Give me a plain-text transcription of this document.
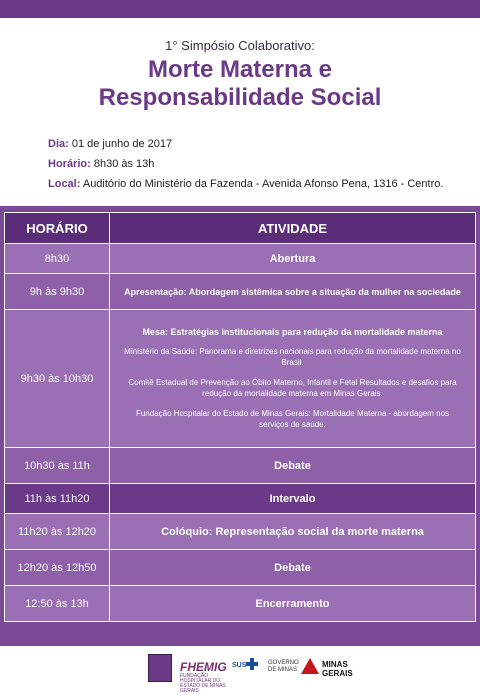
1° Simpósio Colaborativo:
Morte Materna e
Responsabilidade Social
Dia: 01 de junho de 2017
Horário: 8h30 às 13h
Local: Auditório do Ministério da Fazenda - Avenida Afonso Pena, 1316 - Centro.
HORÁRIO	ATIVIDADE
8h30	Abertura
9h às 9h30	Apresentação: Abordagem sistêmica sobre a situação da mulher na sociedade
9h30 às 10h30	Mesa: Estratégias institucionais para redução da mortalidade materna
Ministério da Saúde: Panorama e diretrizes nacionais para redução da mortalidade materna no Brasil.
Comitê Estadual de Prevenção ao Óbito Materno, Infantil e Fetal Resultados e desafios para redução da mortalidade materna em Minas Gerais.
Fundação Hospitalar do Estado de Minas Gerais: Mortalidade Materna - abordagem nos serviços de saúde.

10h30 às 11h	Debate
11h às 11h20	Intervalo
11h20 às 12h20	Colóquio: Representação social da morte materna
12h20 às 12h50	Debate
12:50 às 13h	Encerramento
FHEMIG
FUNDAÇÃO HOSPITALAR DO ESTADO DE MINAS GERAIS
SUS	GOVERNO DE MINAS
MINAS GERAIS
